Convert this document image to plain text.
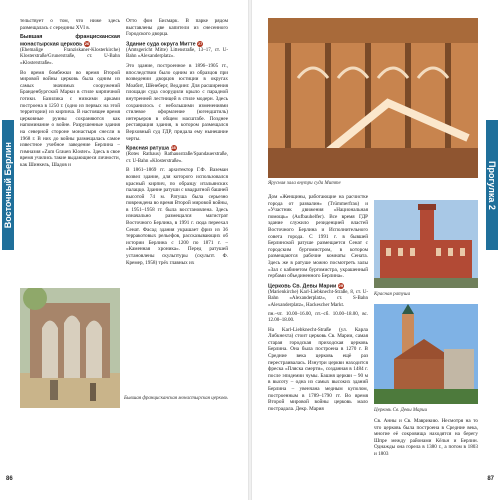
Восточный Берлин

тельствует о том, что ниже здесь размещалась с середины XVI в.

Бывшая францисканская монастырская церковь 26

(Ehemalige Franziskaner-Klosterkirche) Klosterstraße/Grunerstraße, ст. U-Bahn «Klosterstraße».

Во время бомбежки во время Второй мировой войны церковь была одним из самых значимых сооружений Бранденбургской Марки в стиле кирпичной готики. Базилика с низкими арками построена в 1250 г. (одно из первых на этой территории) из кирпича. В настоящее время церковные руины сохраняются как напоминание о войне. Разрушенные здания на северной стороне монастыря снесли в 1968 г. В них до войны размещалась самое известное учебное заведение Берлина – гимназия «Zum Grauen Kloster». Здесь в свое время учились такие выдающиеся личности, как Шинкель, Шадов и

Отто фон Бисмарк. В парке рядом выставлены две капители из снесенного Городского дворца.

Здание суда округа Митте 27

(Amtsgericht Mitte) Littenstraße, 13–17, ст. U-Bahn «Alexanderplatz».

Это здание, построенное в 1896–1905 гг., впоследствии было одним из образцов при возведении дворцов юстиции в округах Моабит, Шёнеберг, Веддинг. Для расширения площади суда соорудили крыло с парадной внутренней лестницей в стиле модерн. Здесь сохранилось с небольшими изменениями стилевое оформление (югендштиль) интерьеров в общем масштабе. Позднее реставрация здания, в котором размещался Верховный суд ГДР, придала ему нынешние черты.

Красная ратуша 28

(Rotes Rathaus) Rathausstraße/Spandauerstraße, ст. U-Bahn «Klosterstraße».

В 1861–1869 гг. архитектор Г.Ф. Ваземан возвел здание, для которого использовался красный кирпич, по образцу итальянских палаццо. Здание ратуши с квадратной башней высотой 74 м. Ратуша была серьезно повреждена во время Второй мировой войны, в 1951–1958 гг. была восстановлена. Здесь изначально размещался магистрат Восточного Берлина, в 1991 г. сюда переехал Сенат. Фасад здания украшает фриз из 36 терракотовых рельефов, рассказывающих об истории Берлина с 1200 по 1871 г. – «Каменная хроника». Перед ратушей установлены скульптуры (скульпт. Ф. Кремер, 1958) трёх главных их

Бывшая францисканская монастырская церковь
86
Прогулка 2
Ярусная зала внутри суда Митте

Дом «Женщины, работающие на расчистке города от развалин» (Trümmerfrau) и «Участник движения «Национальная помощь» (Aufbauhelfer). Все время ГДР здание служило резиденцией властей Восточного Берлина и Исполнительного совета города. С 1991 г. в бывшей Берлинской ратуше размещается Сенат с городским бургомистром, в котором размещаются рабочие комнаты Сената. Здесь же в ратуше можно посмотреть залы «Зал с кабинетом бургомистра, украшенный гербами объединенного Берлина».

Церковь Св. Девы Марии 29

(Marienkirche) Karl-Liebknecht-Straße, 8, ст. U-Bahn «Alexanderplatz», ст. S-Bahn «Alexanderplatz», Hackescher Markt.

пн.–чт. 10.00–16.00, пт.–сб. 10.00–18.00, вс. 12.00–18.00.

На Karl-Liebknecht-Straße (ул. Карла Либкнехта) стоит церковь Св. Марии, самая старая городская приходская церковь Берлина. Она была построена в 1270 г. В Средние века церковь ещё раз перестраивалась. Изнутри церкви находится фреска «Пляска смерти», созданная в 1484 г. после эпидемии чумы. Башня церкви – 90 м в высоту – одна из самых высоких зданий Берлина – увенчана медным куполом, построенным в 1789–1790 гг. Во время Второй мировой войны церковь мало пострадала. Декр. Мария

Красная ратуша
Церковь Св. Девы Марии

Св. Анны и Св. Маврикию. Несмотря на то что церковь была построена в Средние века, многие её сокровища находятся на берегу Шпре между районами Кёльн и Берлин. Однажды она горела в 1380 г., а потом в 1803 и 1803

87
